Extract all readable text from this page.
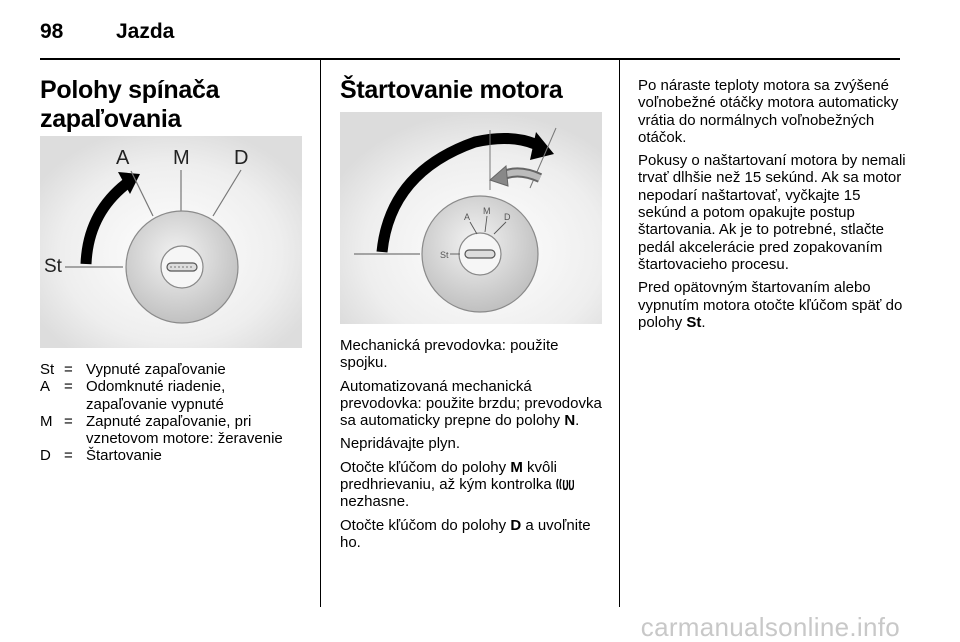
98	Jazda
Polohy spínača zapaľovania
A M D
St
St = Vypnuté zapaľovanie
A = Odomknuté riadenie, zapaľovanie vypnuté
M = Zapnuté zapaľovanie, pri vznetovom motore: žeravenie
D = Štartovanie
Štartovanie motora

Mechanická prevodovka: použite spojku.

Automatizovaná mechanická prevodovka: použite brzdu; prevodovka sa automaticky prepne do polohy N.

Nepridávajte plyn.

Otočte kľúčom do polohy M kvôli predhrievaniu, až kým kontrolka
nezhasne.

Otočte kľúčom do polohy D a uvoľnite ho.

St
A
M
D

Po náraste teploty motora sa zvýšené voľnobežné otáčky motora automaticky vrátia do normálnych voľnobežných otáčok.

Pokusy o naštartovaní motora by nemali trvať dlhšie než 15 sekúnd. Ak sa motor nepodarí naštartovať, vyčkajte 15 sekúnd a potom opakujte postup štartovania. Ak je to potrebné, stlačte pedál akcelerácie pred zopakovaním štartovacieho procesu.

Pred opätovným štartovaním alebo vypnutím motora otočte kľúčom späť do polohy St.

carmanualsonline.info
